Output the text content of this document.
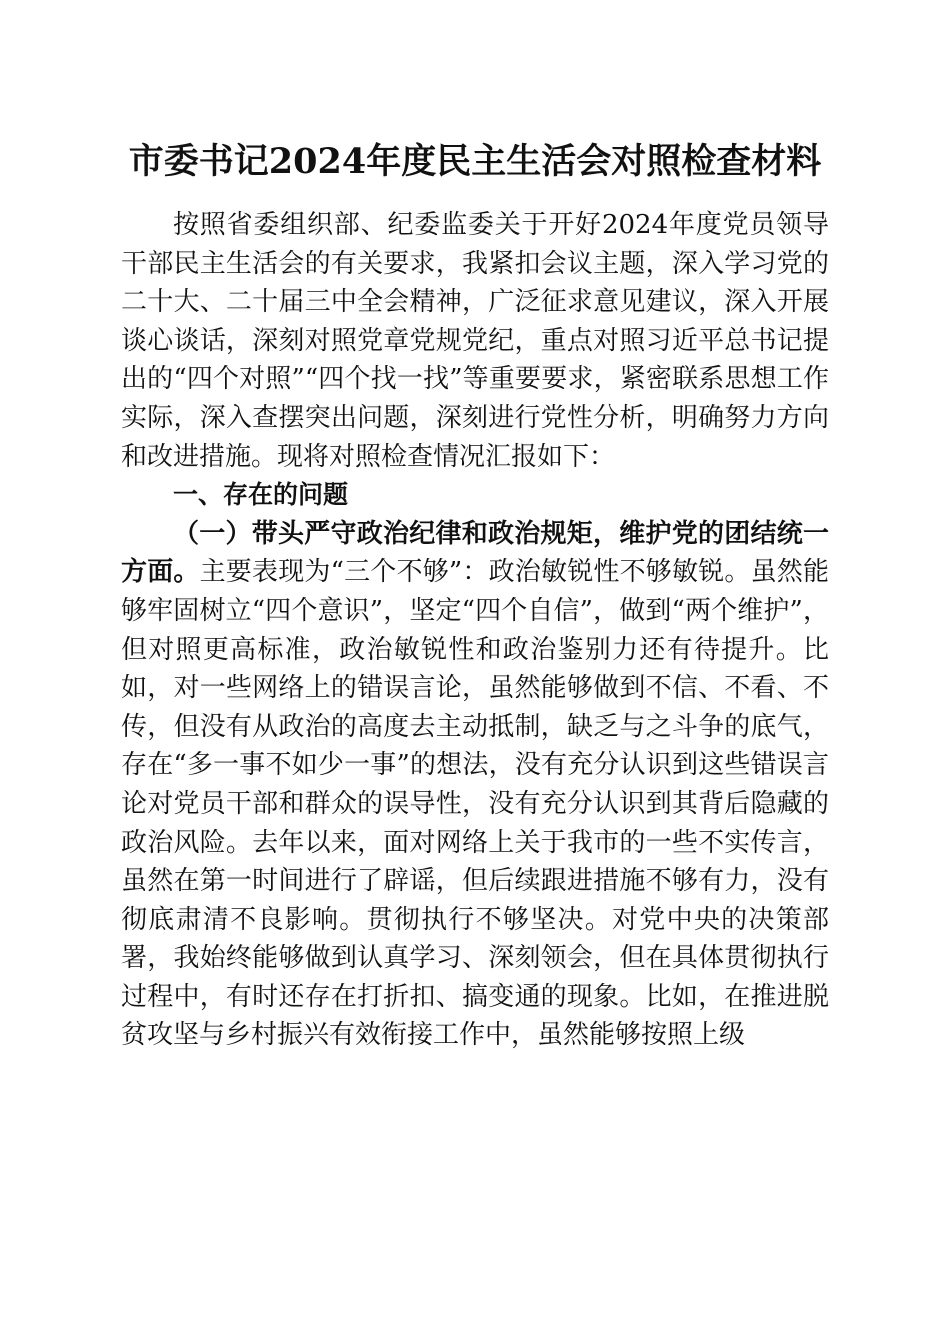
市委书记2024年度民主生活会对照检查材料

按照省委组织部、纪委监委关于开好2024年度党员领导干部民主生活会的有关要求，我紧扣会议主题，深入学习党的二十大、二十届三中全会精神，广泛征求意见建议，深入开展谈心谈话，深刻对照党章党规党纪，重点对照习近平总书记提出的“四个对照”“四个找一找”等重要要求，紧密联系思想工作实际，深入查摆突出问题，深刻进行党性分析，明确努力方向和改进措施。现将对照检查情况汇报如下：

一、存在的问题

（一）带头严守政治纪律和政治规矩，维护党的团结统一方面。主要表现为“三个不够”：政治敏锐性不够敏锐。虽然能够牢固树立“四个意识”，坚定“四个自信”，做到“两个维护”，但对照更高标准，政治敏锐性和政治鉴别力还有待提升。比如，对一些网络上的错误言论，虽然能够做到不信、不看、不传，但没有从政治的高度去主动抵制，缺乏与之斗争的底气，存在“多一事不如少一事”的想法，没有充分认识到这些错误言论对党员干部和群众的误导性，没有充分认识到其背后隐藏的政治风险。去年以来，面对网络上关于我市的一些不实传言，虽然在第一时间进行了辟谣，但后续跟进措施不够有力，没有彻底肃清不良影响。贯彻执行不够坚决。对党中央的决策部署，我始终能够做到认真学习、深刻领会，但在具体贯彻执行过程中，有时还存在打折扣、搞变通的现象。比如，在推进脱贫攻坚与乡村振兴有效衔接工作中，虽然能够按照上级
